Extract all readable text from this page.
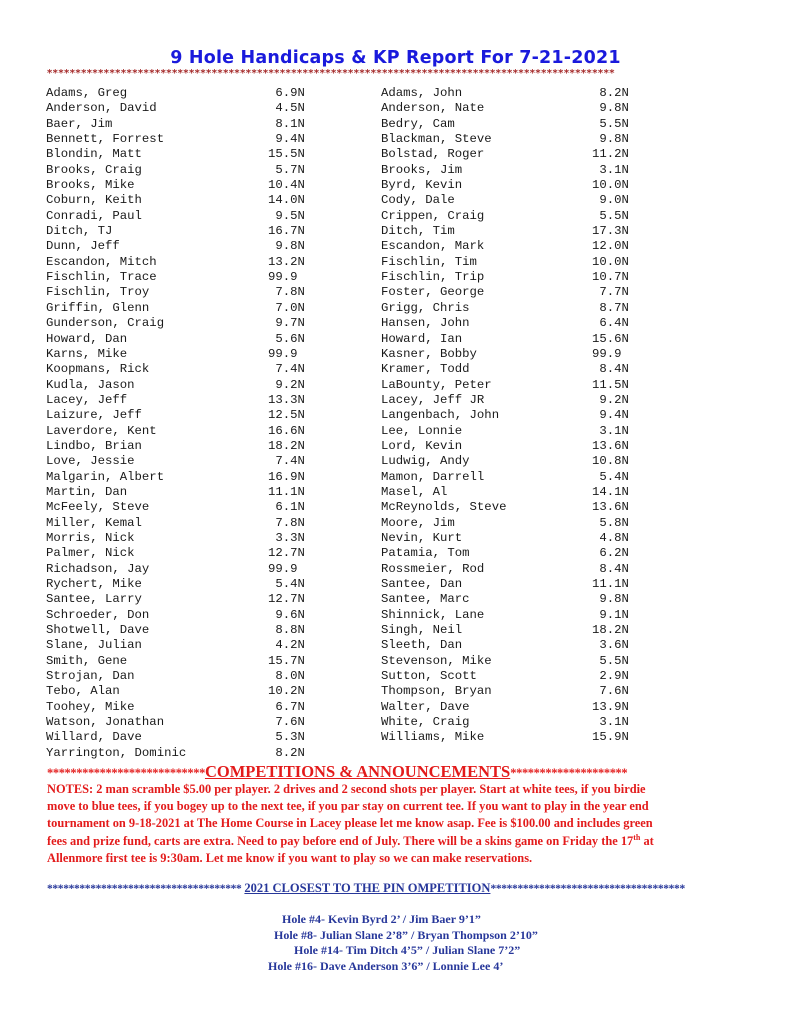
9 Hole Handicaps & KP Report For 7-21-2021
****************************************************************************************************
Adams, Greg	6.9N
Anderson, David	4.5N
Baer, Jim	8.1N
Bennett, Forrest	9.4N
Blondin, Matt	15.5N
Brooks, Craig	5.7N
Brooks, Mike	10.4N
Coburn, Keith	14.0N
Conradi, Paul	9.5N
Ditch, TJ	16.7N
Dunn, Jeff	9.8N
Escandon, Mitch	13.2N
Fischlin, Trace	99.9
Fischlin, Troy	7.8N
Griffin, Glenn	7.0N
Gunderson, Craig	9.7N
Howard, Dan	5.6N
Karns, Mike	99.9
Koopmans, Rick	7.4N
Kudla, Jason	9.2N
Lacey, Jeff	13.3N
Laizure, Jeff	12.5N
Laverdore, Kent	16.6N
Lindbo, Brian	18.2N
Love, Jessie	7.4N
Malgarin, Albert	16.9N
Martin, Dan	11.1N
McFeely, Steve	6.1N
Miller, Kemal	7.8N
Morris, Nick	3.3N
Palmer, Nick	12.7N
Richadson, Jay	99.9
Rychert, Mike	5.4N
Santee, Larry	12.7N
Schroeder, Don	9.6N
Shotwell, Dave	8.8N
Slane, Julian	4.2N
Smith, Gene	15.7N
Strojan, Dan	8.0N
Tebo, Alan	10.2N
Toohey, Mike	6.7N
Watson, Jonathan	7.6N
Willard, Dave	5.3N
Yarrington, Dominic	8.2N
Adams, John	8.2N
Anderson, Nate	9.8N
Bedry, Cam	5.5N
Blackman, Steve	9.8N
Bolstad, Roger	11.2N
Brooks, Jim	3.1N
Byrd, Kevin	10.0N
Cody, Dale	9.0N
Crippen, Craig	5.5N
Ditch, Tim	17.3N
Escandon, Mark	12.0N
Fischlin, Tim	10.0N
Fischlin, Trip	10.7N
Foster, George	7.7N
Grigg, Chris	8.7N
Hansen, John	6.4N
Howard, Ian	15.6N
Kasner, Bobby	99.9
Kramer, Todd	8.4N
LaBounty, Peter	11.5N
Lacey, Jeff JR	9.2N
Langenbach, John	9.4N
Lee, Lonnie	3.1N
Lord, Kevin	13.6N
Ludwig, Andy	10.8N
Mamon, Darrell	5.4N
Masel, Al	14.1N
McReynolds, Steve	13.6N
Moore, Jim	5.8N
Nevin, Kurt	4.8N
Patamia, Tom	6.2N
Rossmeier, Rod	8.4N
Santee, Dan	11.1N
Santee, Marc	9.8N
Shinnick, Lane	9.1N
Singh, Neil	18.2N
Sleeth, Dan	3.6N
Stevenson, Mike	5.5N
Sutton, Scott	2.9N
Thompson, Bryan	7.6N
Walter, Dave	13.9N
White, Craig	3.1N
Williams, Mike	15.9N
***************************COMPETITIONS & ANNOUNCEMENTS********************
NOTES: 2 man scramble $5.00 per player. 2 drives and 2 second shots per player. Start at white tees, if you birdie
move to blue tees, if you bogey up to the next tee, if you par stay on current tee. If you want to play in the year end
tournament on 9-18-2021 at The Home Course in Lacey please let me know asap. Fee is $100.00 and includes green
fees and prize fund, carts are extra. Need to pay before end of July. There will be a skins game on Friday the 17th at
Allenmore first tee is 9:30am. Let me know if you want to play so we can make reservations.
************************************ 2021 CLOSEST TO THE PIN OMPETITION************************************
Hole #4- Kevin Byrd 2’ / Jim Baer 9’1”
Hole #8- Julian Slane 2’8” / Bryan Thompson 2’10”
Hole #14- Tim Ditch 4’5” / Julian Slane 7’2”
Hole #16- Dave Anderson 3’6” / Lonnie Lee 4’
